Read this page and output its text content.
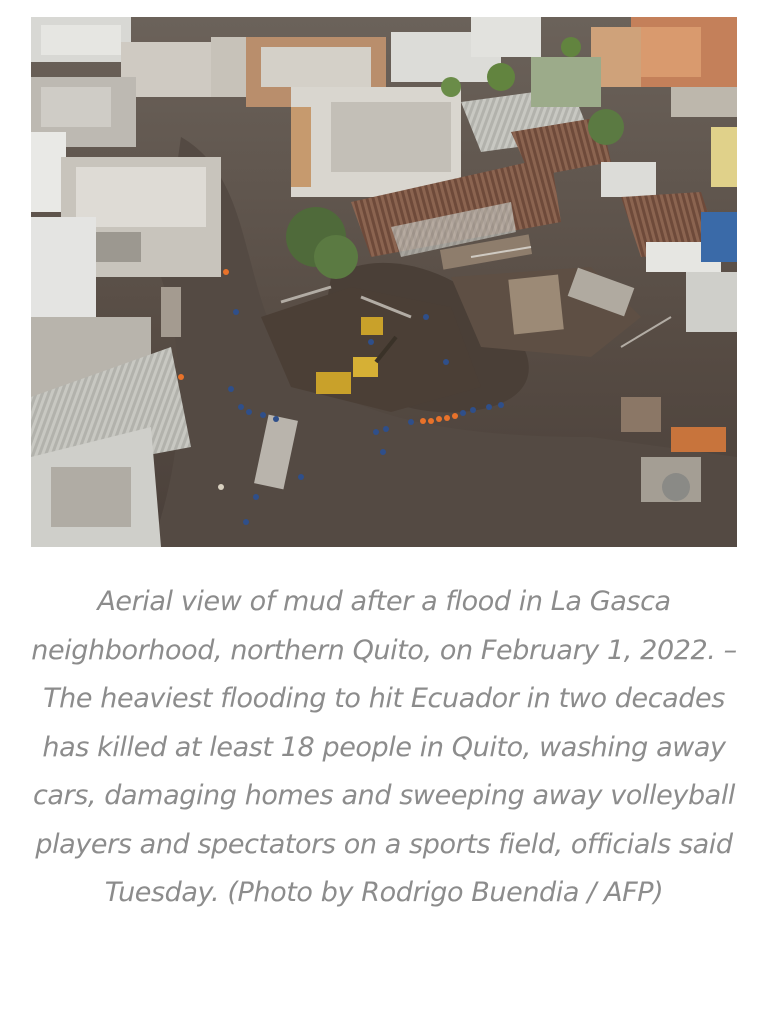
Aerial view of mud after a flood in La Gasca neighborhood, northern Quito, on February 1, 2022. – The heaviest flooding to hit Ecuador in two decades has killed at least 18 people in Quito, washing away cars, damaging homes and sweeping away volleyball players and spectators on a sports field, officials said Tuesday. (Photo by Rodrigo Buendia / AFP)
